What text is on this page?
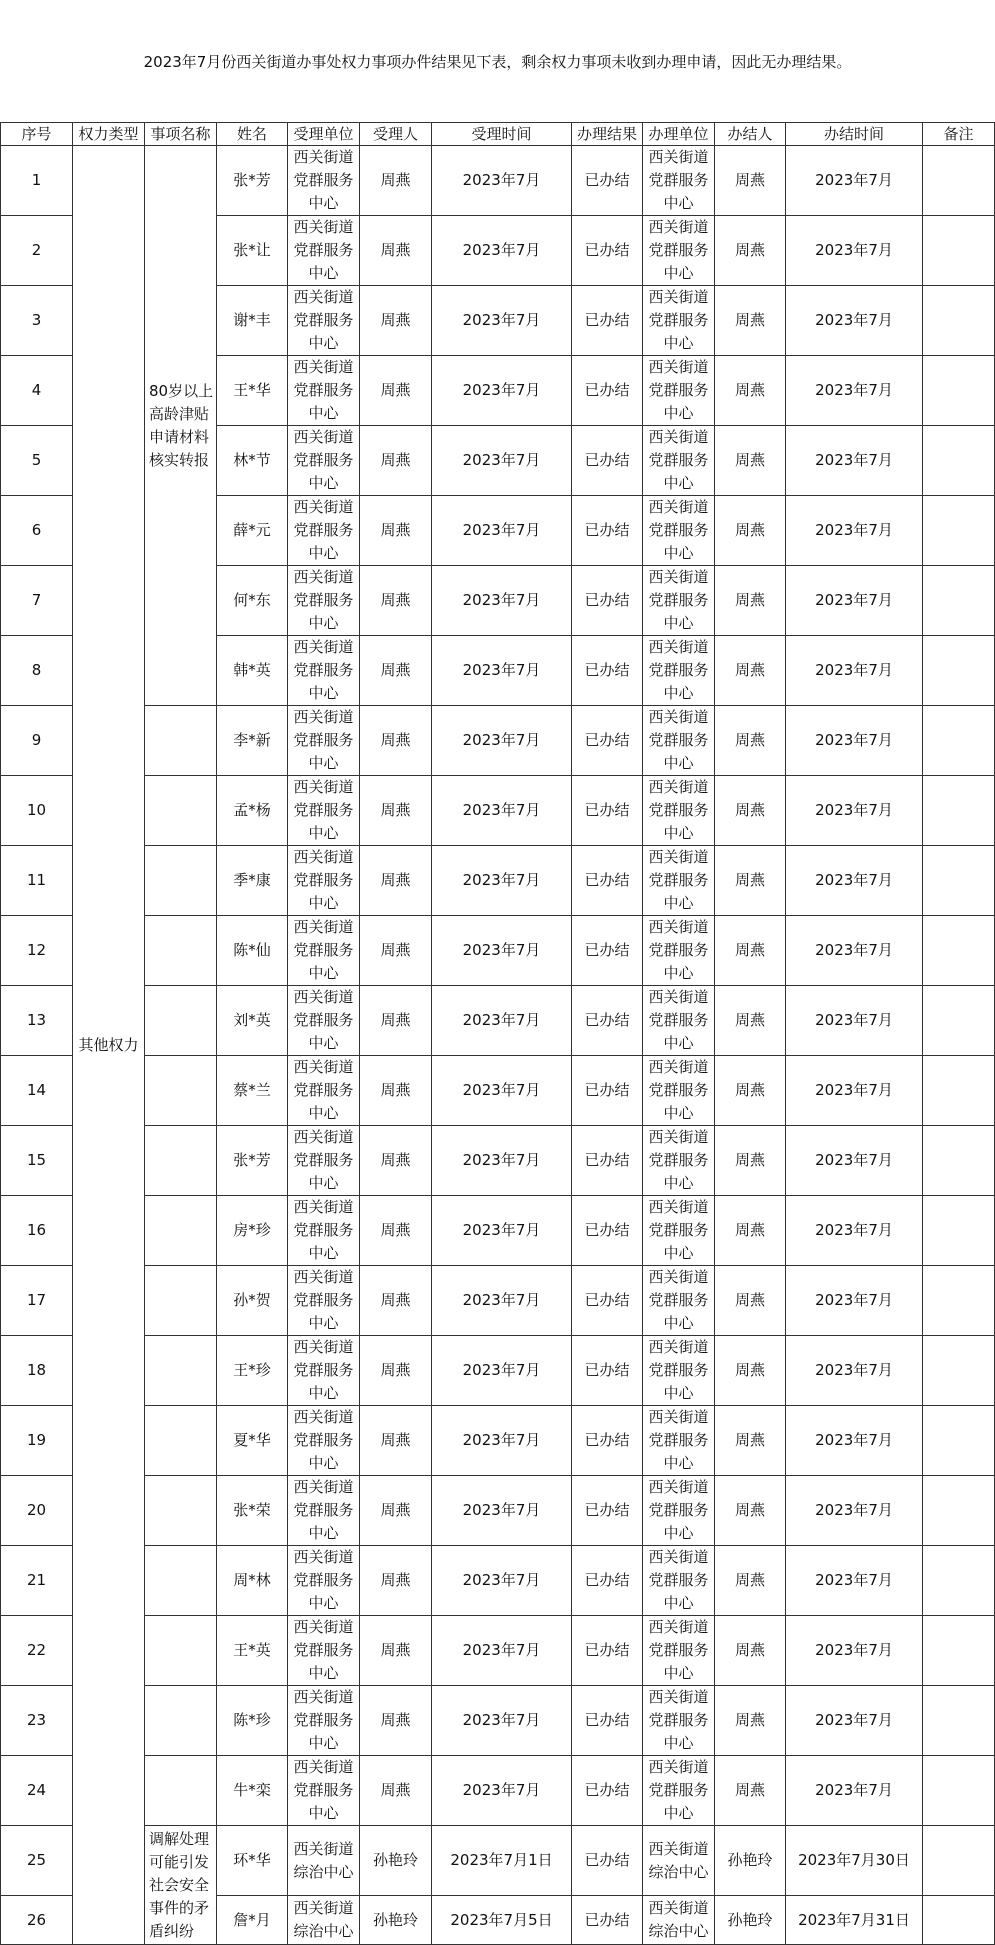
2023年7月份西关街道办事处权力事项办件结果见下表，剩余权力事项未收到办理申请，因此无办理结果。
序号	权力类型	事项名称	姓名	受理单位	受理人	受理时间	办理结果	办理单位	办结人	办结时间	备注
1	其他权力	80岁以上高龄津贴申请材料核实转报	张*芳	西关街道党群服务中心	周燕	2023年7月	已办结	西关街道党群服务中心	周燕	2023年7月	
2			张*让	西关街道党群服务中心	周燕	2023年7月	已办结	西关街道党群服务中心	周燕	2023年7月	
3			谢*丰	西关街道党群服务中心	周燕	2023年7月	已办结	西关街道党群服务中心	周燕	2023年7月	
4			王*华	西关街道党群服务中心	周燕	2023年7月	已办结	西关街道党群服务中心	周燕	2023年7月	
5			林*节	西关街道党群服务中心	周燕	2023年7月	已办结	西关街道党群服务中心	周燕	2023年7月	
6			薛*元	西关街道党群服务中心	周燕	2023年7月	已办结	西关街道党群服务中心	周燕	2023年7月	
7			何*东	西关街道党群服务中心	周燕	2023年7月	已办结	西关街道党群服务中心	周燕	2023年7月	
8			韩*英	西关街道党群服务中心	周燕	2023年7月	已办结	西关街道党群服务中心	周燕	2023年7月	
9			李*新	西关街道党群服务中心	周燕	2023年7月	已办结	西关街道党群服务中心	周燕	2023年7月	
10			孟*杨	西关街道党群服务中心	周燕	2023年7月	已办结	西关街道党群服务中心	周燕	2023年7月	
11			季*康	西关街道党群服务中心	周燕	2023年7月	已办结	西关街道党群服务中心	周燕	2023年7月	
12			陈*仙	西关街道党群服务中心	周燕	2023年7月	已办结	西关街道党群服务中心	周燕	2023年7月	
13			刘*英	西关街道党群服务中心	周燕	2023年7月	已办结	西关街道党群服务中心	周燕	2023年7月	
14			蔡*兰	西关街道党群服务中心	周燕	2023年7月	已办结	西关街道党群服务中心	周燕	2023年7月	
15			张*芳	西关街道党群服务中心	周燕	2023年7月	已办结	西关街道党群服务中心	周燕	2023年7月	
16			房*珍	西关街道党群服务中心	周燕	2023年7月	已办结	西关街道党群服务中心	周燕	2023年7月	
17			孙*贺	西关街道党群服务中心	周燕	2023年7月	已办结	西关街道党群服务中心	周燕	2023年7月	
18			王*珍	西关街道党群服务中心	周燕	2023年7月	已办结	西关街道党群服务中心	周燕	2023年7月	
19			夏*华	西关街道党群服务中心	周燕	2023年7月	已办结	西关街道党群服务中心	周燕	2023年7月	
20			张*荣	西关街道党群服务中心	周燕	2023年7月	已办结	西关街道党群服务中心	周燕	2023年7月	
21			周*林	西关街道党群服务中心	周燕	2023年7月	已办结	西关街道党群服务中心	周燕	2023年7月	
22			王*英	西关街道党群服务中心	周燕	2023年7月	已办结	西关街道党群服务中心	周燕	2023年7月	
23			陈*珍	西关街道党群服务中心	周燕	2023年7月	已办结	西关街道党群服务中心	周燕	2023年7月	
24			牛*栾	西关街道党群服务中心	周燕	2023年7月	已办结	西关街道党群服务中心	周燕	2023年7月	
25		调解处理可能引发社会安全事件的矛盾纠纷	环*华	西关街道综治中心	孙艳玲	2023年7月1日	已办结	西关街道综治中心	孙艳玲	2023年7月30日	
26			詹*月	西关街道综治中心	孙艳玲	2023年7月5日	已办结	西关街道综治中心	孙艳玲	2023年7月31日	
